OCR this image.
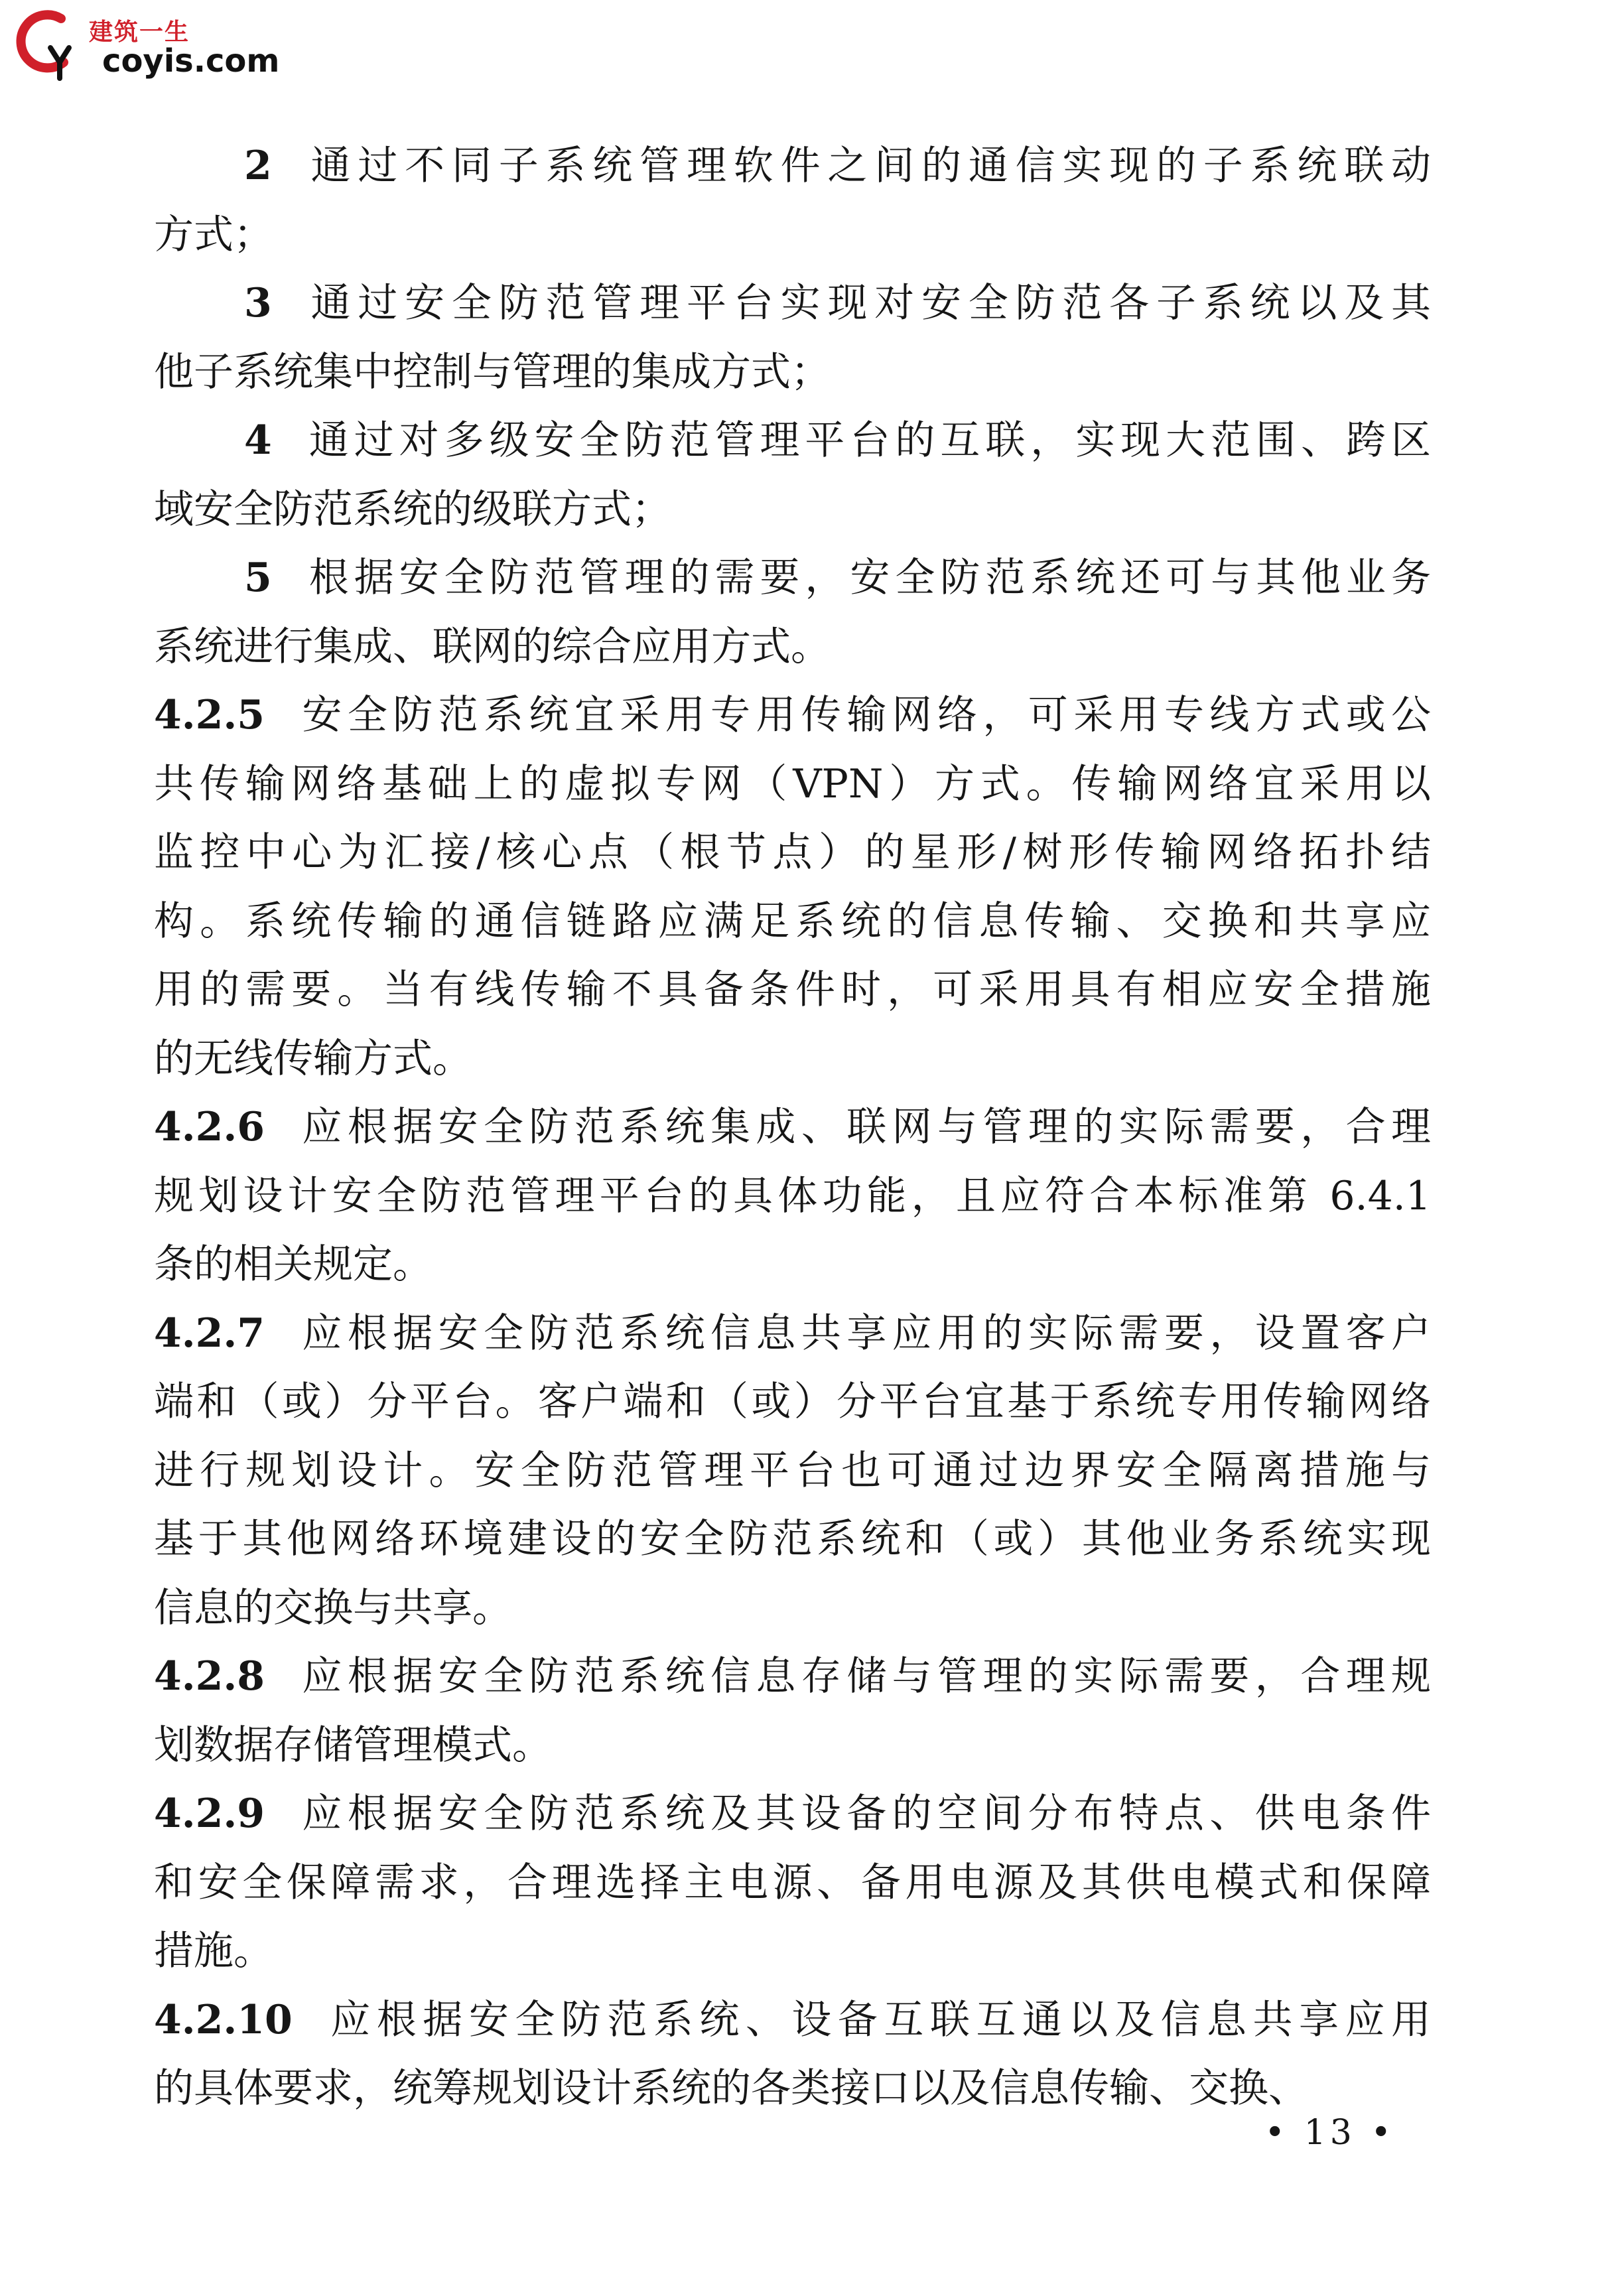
建筑一生
coyis.com
2 通过不同子系统管理软件之间的通信实现的子系统联动
方式；
3 通过安全防范管理平台实现对安全防范各子系统以及其
他子系统集中控制与管理的集成方式；
4 通过对多级安全防范管理平台的互联，实现大范围、跨区
域安全防范系统的级联方式；
5 根据安全防范管理的需要，安全防范系统还可与其他业务
系统进行集成、联网的综合应用方式。
4.2.5 安全防范系统宜采用专用传输网络，可采用专线方式或公
共传输网络基础上的虚拟专网（VPN）方式。传输网络宜采用以
监控中心为汇接/核心点（根节点）的星形/树形传输网络拓扑结
构。系统传输的通信链路应满足系统的信息传输、交换和共享应
用的需要。当有线传输不具备条件时，可采用具有相应安全措施
的无线传输方式。
4.2.6 应根据安全防范系统集成、联网与管理的实际需要，合理
规划设计安全防范管理平台的具体功能，且应符合本标准第 6.4.1
条的相关规定。
4.2.7 应根据安全防范系统信息共享应用的实际需要，设置客户
端和（或）分平台。客户端和（或）分平台宜基于系统专用传输网络
进行规划设计。安全防范管理平台也可通过边界安全隔离措施与
基于其他网络环境建设的安全防范系统和（或）其他业务系统实现
信息的交换与共享。
4.2.8 应根据安全防范系统信息存储与管理的实际需要，合理规
划数据存储管理模式。
4.2.9 应根据安全防范系统及其设备的空间分布特点、供电条件
和安全保障需求，合理选择主电源、备用电源及其供电模式和保障
措施。
4.2.10 应根据安全防范系统、设备互联互通以及信息共享应用
的具体要求，统筹规划设计系统的各类接口以及信息传输、交换、
• 13 •
